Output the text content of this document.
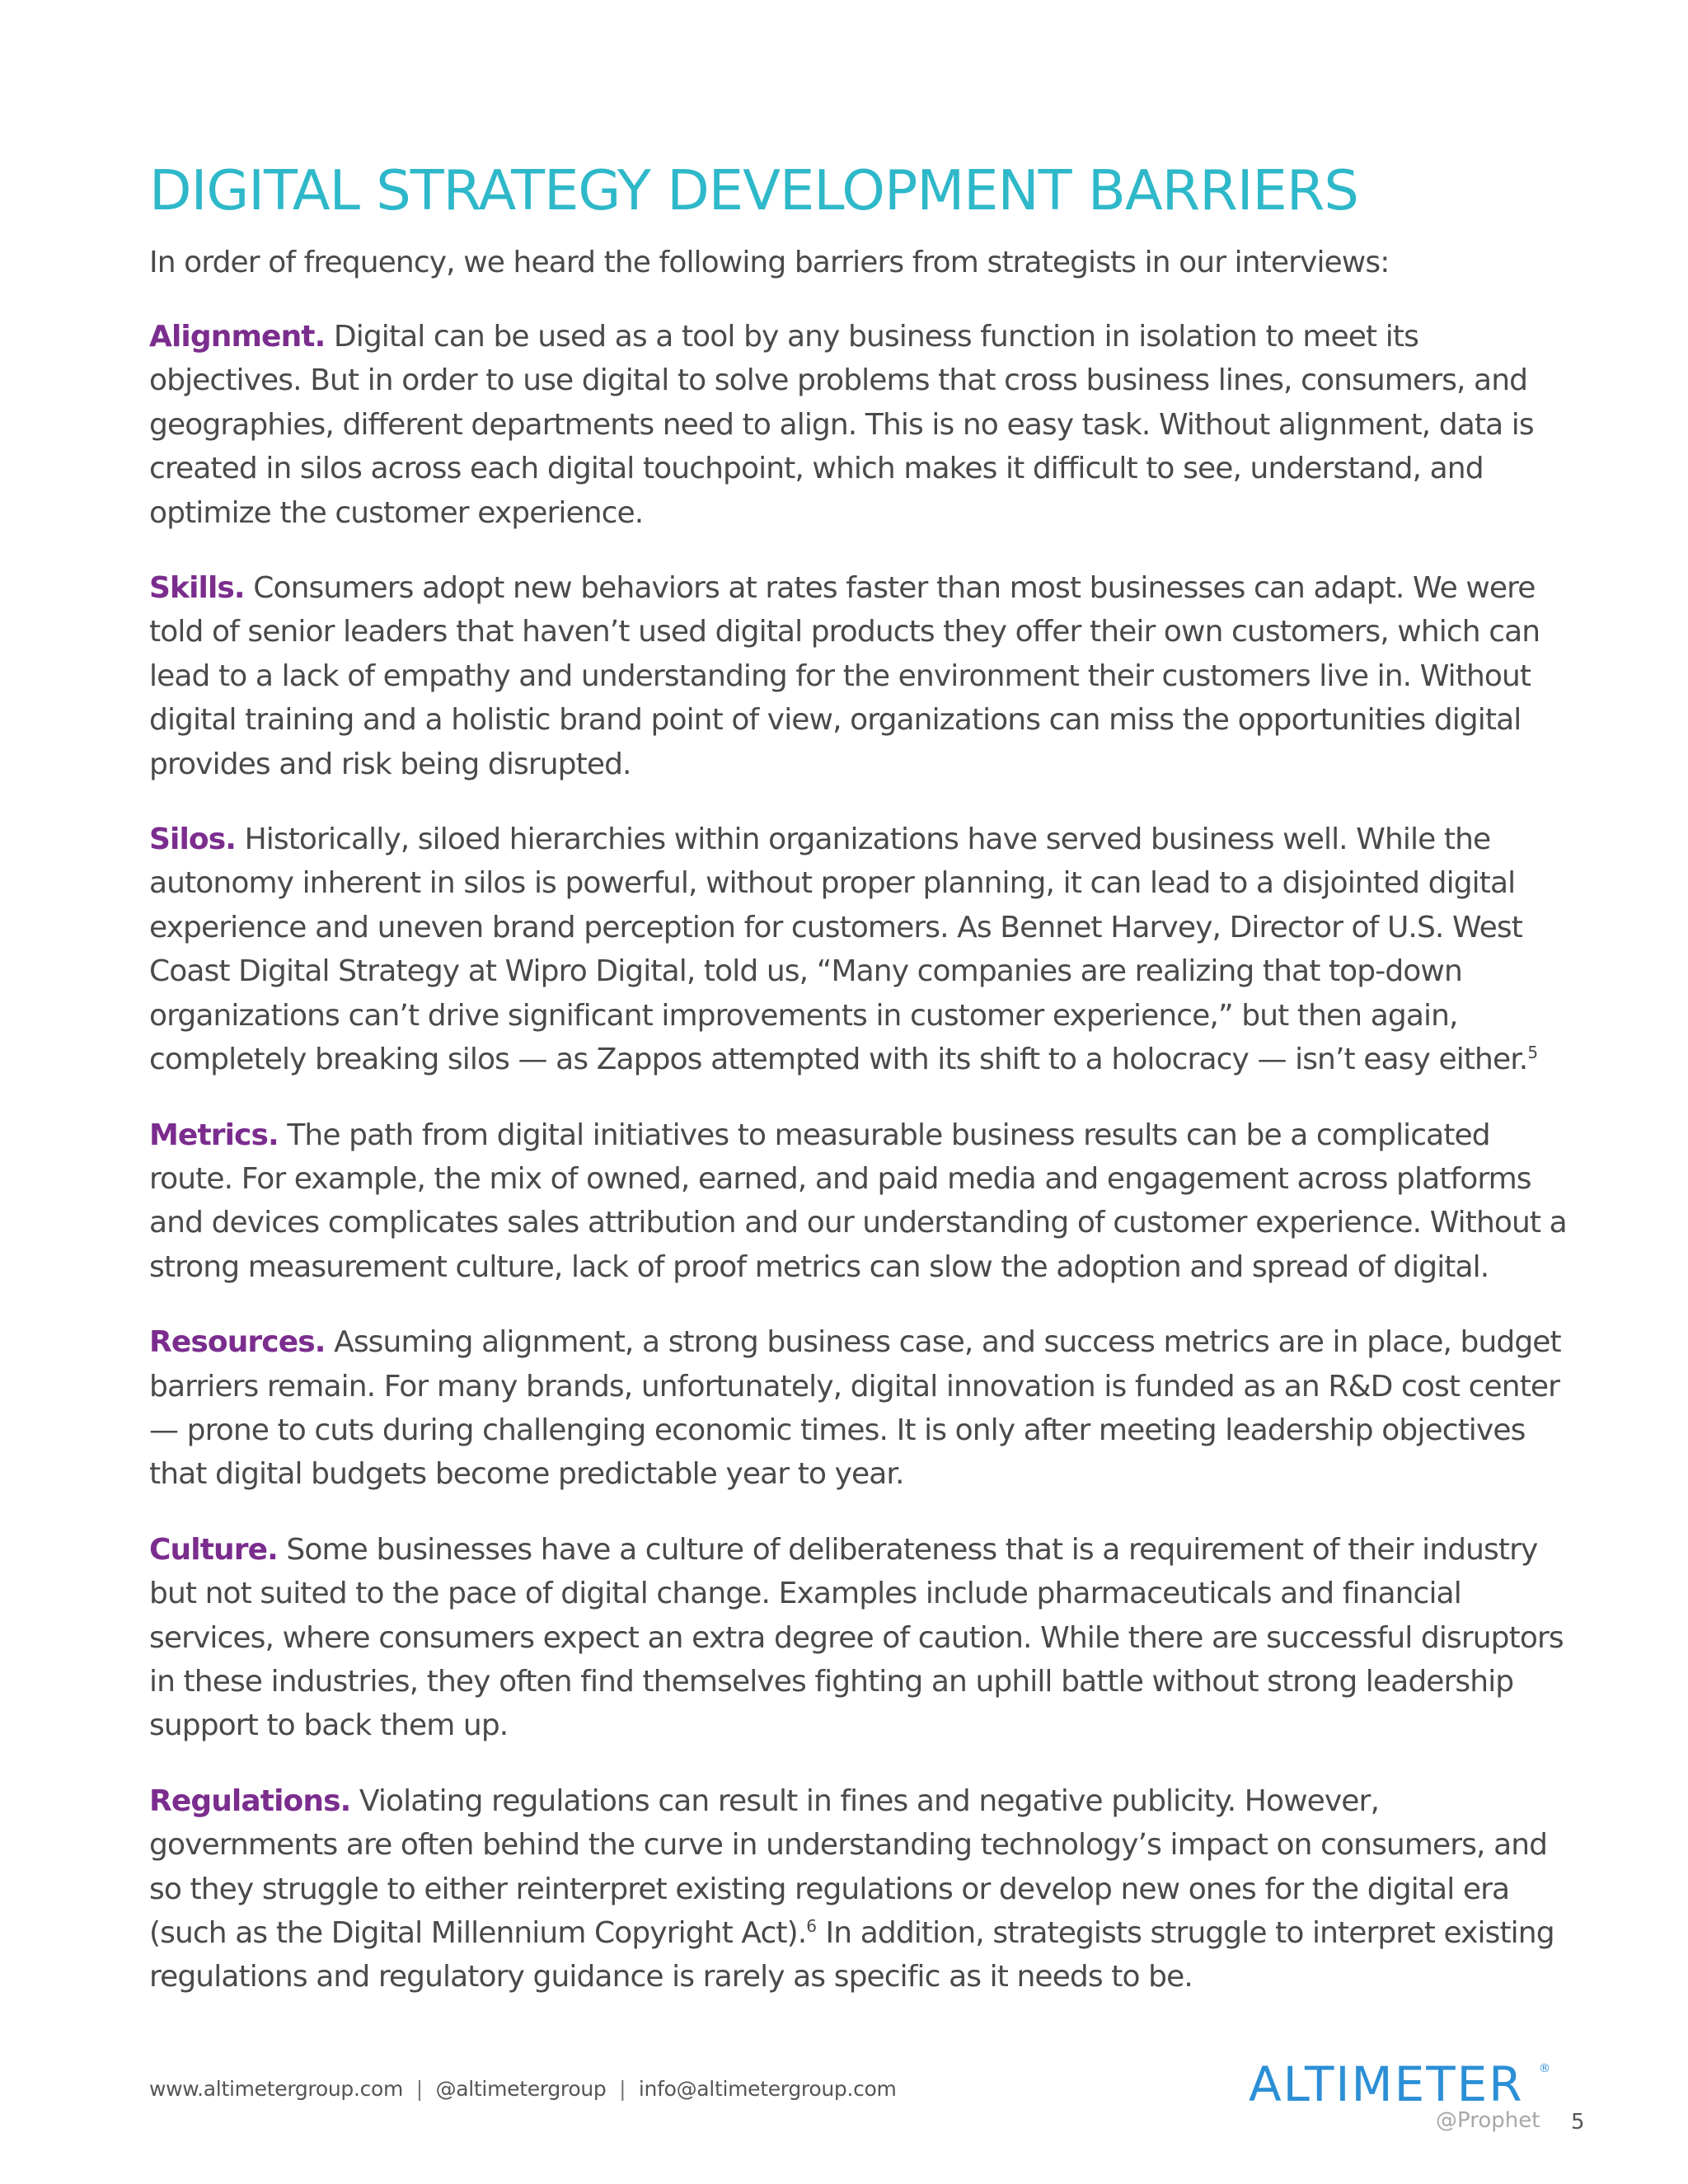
DIGITAL STRATEGY DEVELOPMENT BARRIERS

In order of frequency, we heard the following barriers from strategists in our interviews:

Alignment. Digital can be used as a tool by any business function in isolation to meet its objectives. But in order to use digital to solve problems that cross business lines, consumers, and geographies, different departments need to align. This is no easy task. Without alignment, data is created in silos across each digital touchpoint, which makes it difficult to see, understand, and optimize the customer experience.

Skills. Consumers adopt new behaviors at rates faster than most businesses can adapt. We were told of senior leaders that haven’t used digital products they offer their own customers, which can lead to a lack of empathy and understanding for the environment their customers live in. Without digital training and a holistic brand point of view, organizations can miss the opportunities digital provides and risk being disrupted.

Silos. Historically, siloed hierarchies within organizations have served business well. While the autonomy inherent in silos is powerful, without proper planning, it can lead to a disjointed digital experience and uneven brand perception for customers. As Bennet Harvey, Director of U.S. West Coast Digital Strategy at Wipro Digital, told us, “Many companies are realizing that top-down organizations can’t drive significant improvements in customer experience,” but then again, completely breaking silos — as Zappos attempted with its shift to a holocracy — isn’t easy either.$^5$

Metrics. The path from digital initiatives to measurable business results can be a complicated route. For example, the mix of owned, earned, and paid media and engagement across platforms and devices complicates sales attribution and our understanding of customer experience. Without a strong measurement culture, lack of proof metrics can slow the adoption and spread of digital.

Resources. Assuming alignment, a strong business case, and success metrics are in place, budget barriers remain. For many brands, unfortunately, digital innovation is funded as an R&D cost center — prone to cuts during challenging economic times. It is only after meeting leadership objectives that digital budgets become predictable year to year.

Culture. Some businesses have a culture of deliberateness that is a requirement of their industry but not suited to the pace of digital change. Examples include pharmaceuticals and financial services, where consumers expect an extra degree of caution. While there are successful disruptors in these industries, they often find themselves fighting an uphill battle without strong leadership support to back them up.

Regulations. Violating regulations can result in fines and negative publicity. However, governments are often behind the curve in understanding technology’s impact on consumers, and so they struggle to either reinterpret existing regulations or develop new ones for the digital era (such as the Digital Millennium Copyright Act).$^6$ In addition, strategists struggle to interpret existing regulations and regulatory guidance is rarely as specific as it needs to be.

www.altimetergroup.com | @altimetergroup | info@altimetergroup.com	ALTIMETER ®
@Prophet 5
